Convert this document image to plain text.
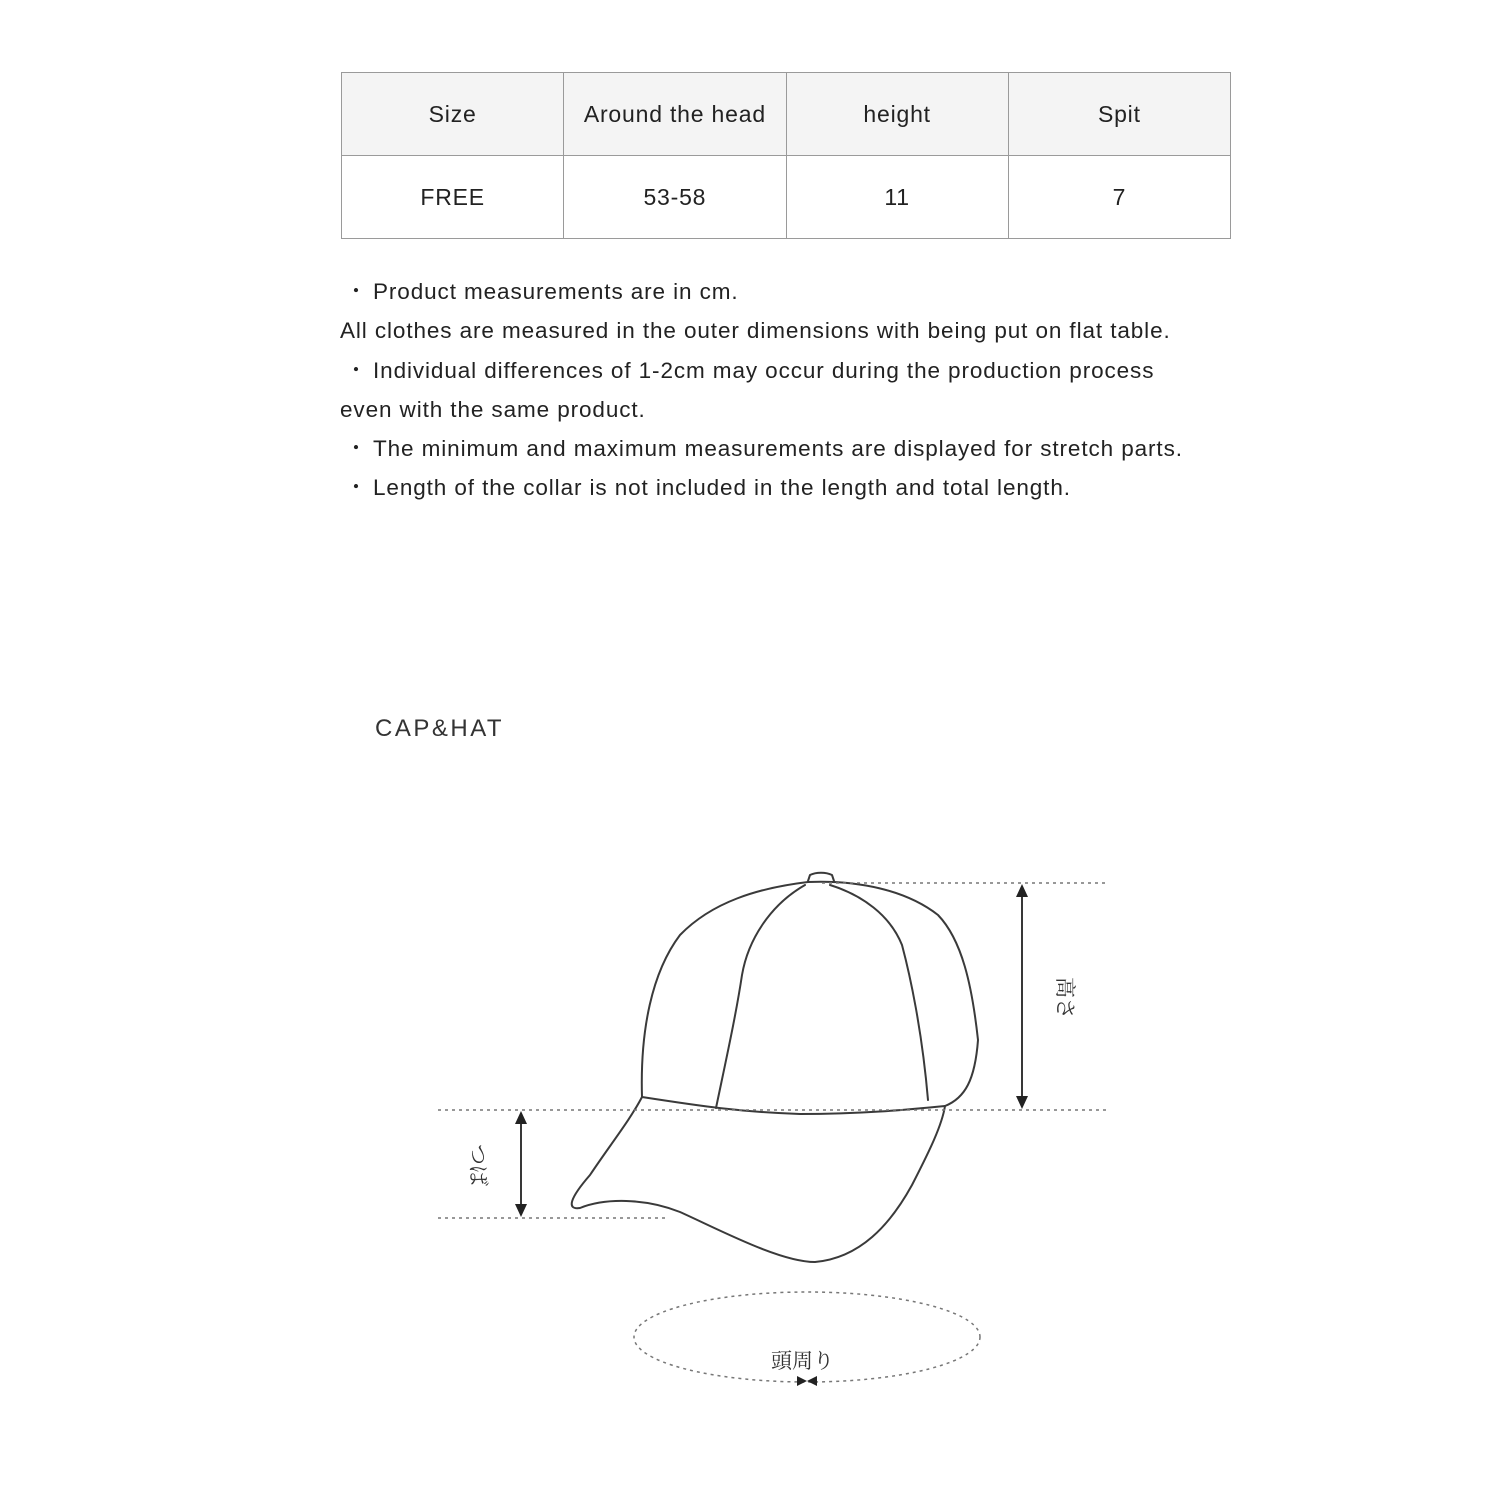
Size	Around the head	height	Spit
FREE	53-58	11	7

・ Product measurements are in cm.

All clothes are measured in the outer dimensions with being put on flat table.

・ Individual differences of 1-2cm may occur during the production process even with the same product.

・ The minimum and maximum measurements are displayed for stretch parts.

・ Length of the collar is not included in the length and total length.

CAP&HAT
高さ
つば
頭周り
